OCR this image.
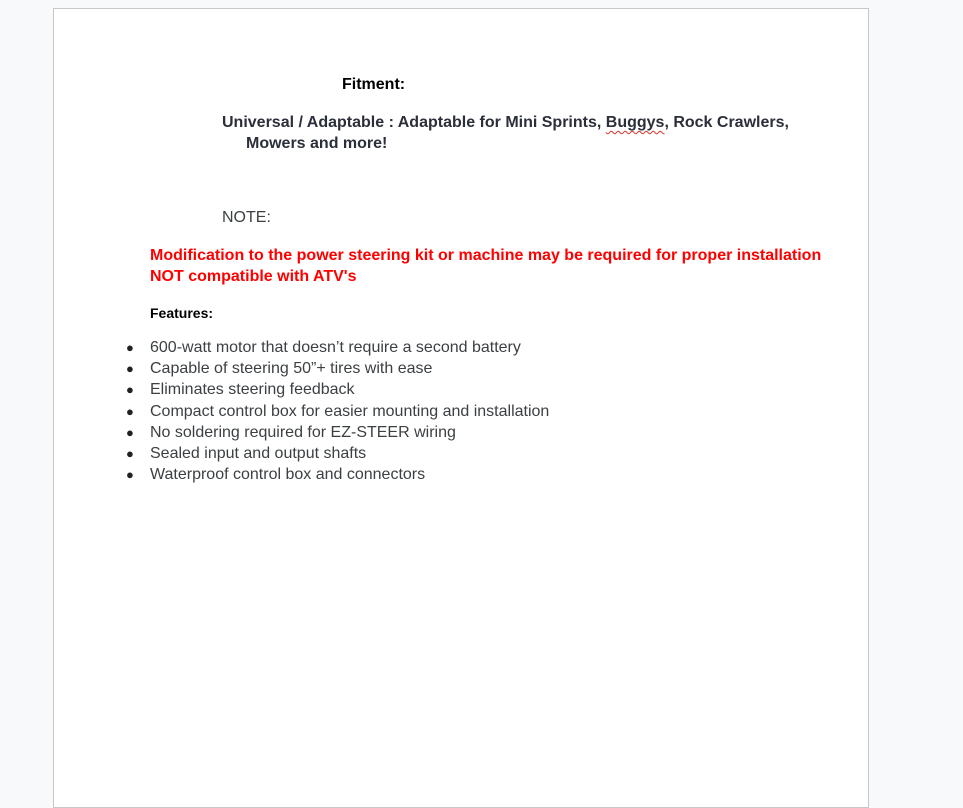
Fitment:
Universal / Adaptable : Adaptable for Mini Sprints, Buggys, Rock Crawlers,
Mowers and more!
NOTE:
Modification to the power steering kit or machine may be required for proper installation
NOT compatible with ATV's
Features:
● 600-watt motor that doesn’t require a second battery
● Capable of steering 50”+ tires with ease
● Eliminates steering feedback
● Compact control box for easier mounting and installation
● No soldering required for EZ-STEER wiring
● Sealed input and output shafts
● Waterproof control box and connectors
